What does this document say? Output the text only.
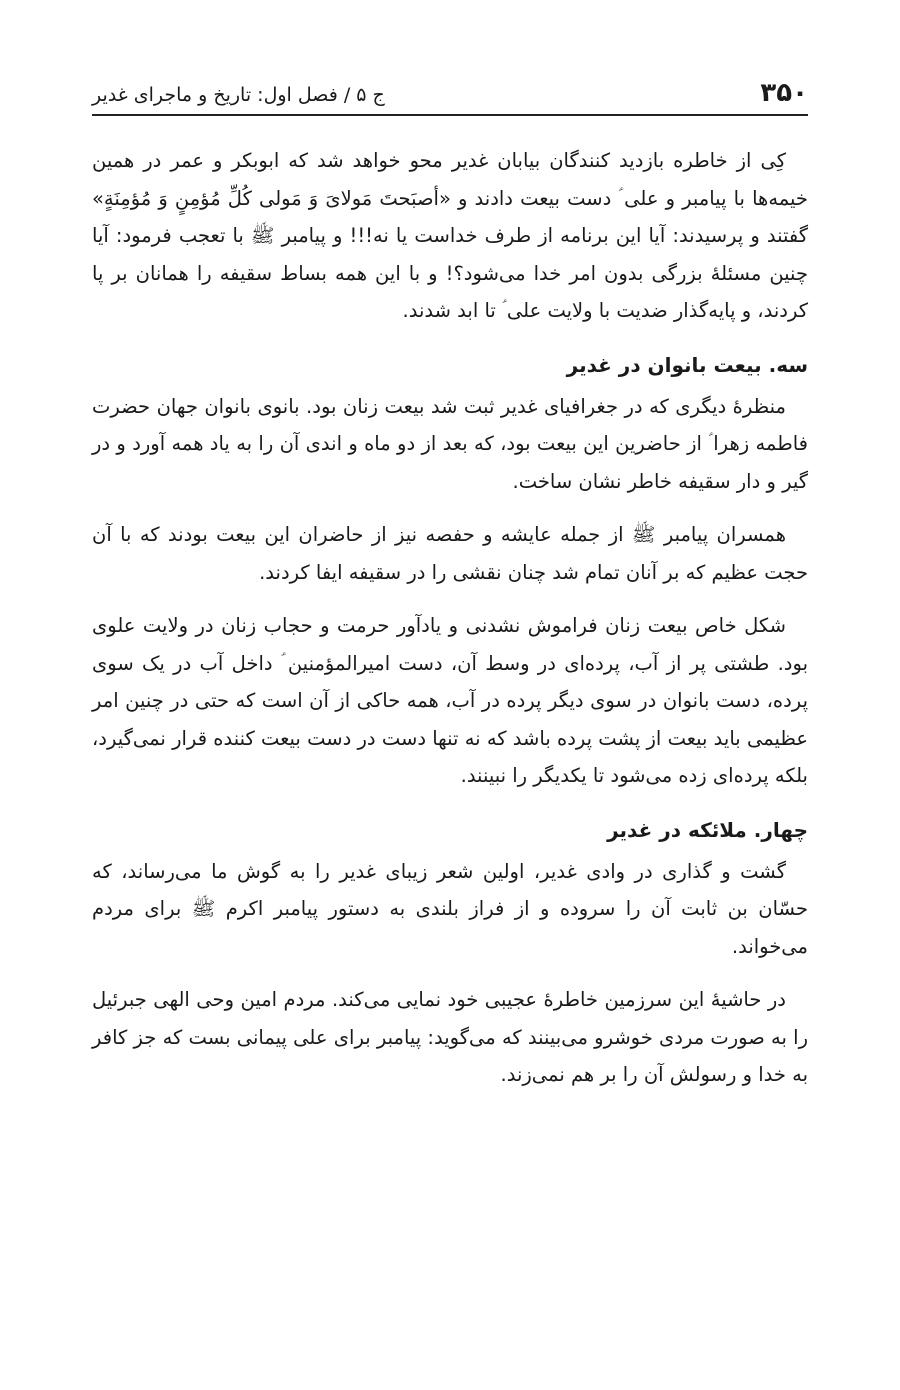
۳۵۰
ج ۵ / فصل اول: تاریخ و ماجرای غدیر

کِی از خاطره بازدید کنندگان بیابان غدیر محو خواهد شد که ابوبکر و عمر در همین خیمه‌ها با پیامبر و علی ؑ دست بیعت دادند و «أصبَحتَ مَولایَ وَ مَولی کُلِّ مُؤمِنٍ وَ مُؤمِنَةٍ» گفتند و پرسیدند: آیا این برنامه از طرف خداست یا نه!!! و پیامبر ﷺ با تعجب فرمود: آیا چنین مسئلهٔ بزرگی بدون امر خدا می‌شود؟! و با این همه بساط سقیفه را همانان بر پا کردند، و پایه‌گذار ضدیت با ولایت علی ؑ تا ابد شدند.

سه. بیعت بانوان در غدیر

منظرهٔ دیگری که در جغرافیای غدیر ثبت شد بیعت زنان بود. بانوی بانوان جهان حضرت فاطمه زهرا ؑ از حاضرین این بیعت بود، که بعد از دو ماه و اندی آن را به یاد همه آورد و در گیر و دار سقیفه خاطر نشان ساخت.

همسران پیامبر ﷺ از جمله عایشه و حفصه نیز از حاضران این بیعت بودند که با آن حجت عظیم که بر آنان تمام شد چنان نقشی را در سقیفه ایفا کردند.

شکل خاص بیعت زنان فراموش نشدنی و یادآور حرمت و حجاب زنان در ولایت علوی بود. طشتی پر از آب، پرده‌ای در وسط آن، دست امیرالمؤمنین ؑ داخل آب در یک سوی پرده، دست بانوان در سوی دیگر پرده در آب، همه حاکی از آن است که حتی در چنین امر عظیمی باید بیعت از پشت پرده باشد که نه تنها دست در دست بیعت کننده قرار نمی‌گیرد، بلکه پرده‌ای زده می‌شود تا یکدیگر را نبینند.

چهار. ملائکه در غدیر

گشت و گذاری در وادی غدیر، اولین شعر زیبای غدیر را به گوش ما می‌رساند، که حسّان بن ثابت آن را سروده و از فراز بلندی به دستور پیامبر اکرم ﷺ برای مردم می‌خواند.

در حاشیهٔ این سرزمین خاطرهٔ عجیبی خود نمایی می‌کند. مردم امین وحی الهی جبرئیل را به صورت مردی خوشرو می‌بینند که می‌گوید: پیامبر برای علی پیمانی بست که جز کافر به خدا و رسولش آن را بر هم نمی‌زند.
